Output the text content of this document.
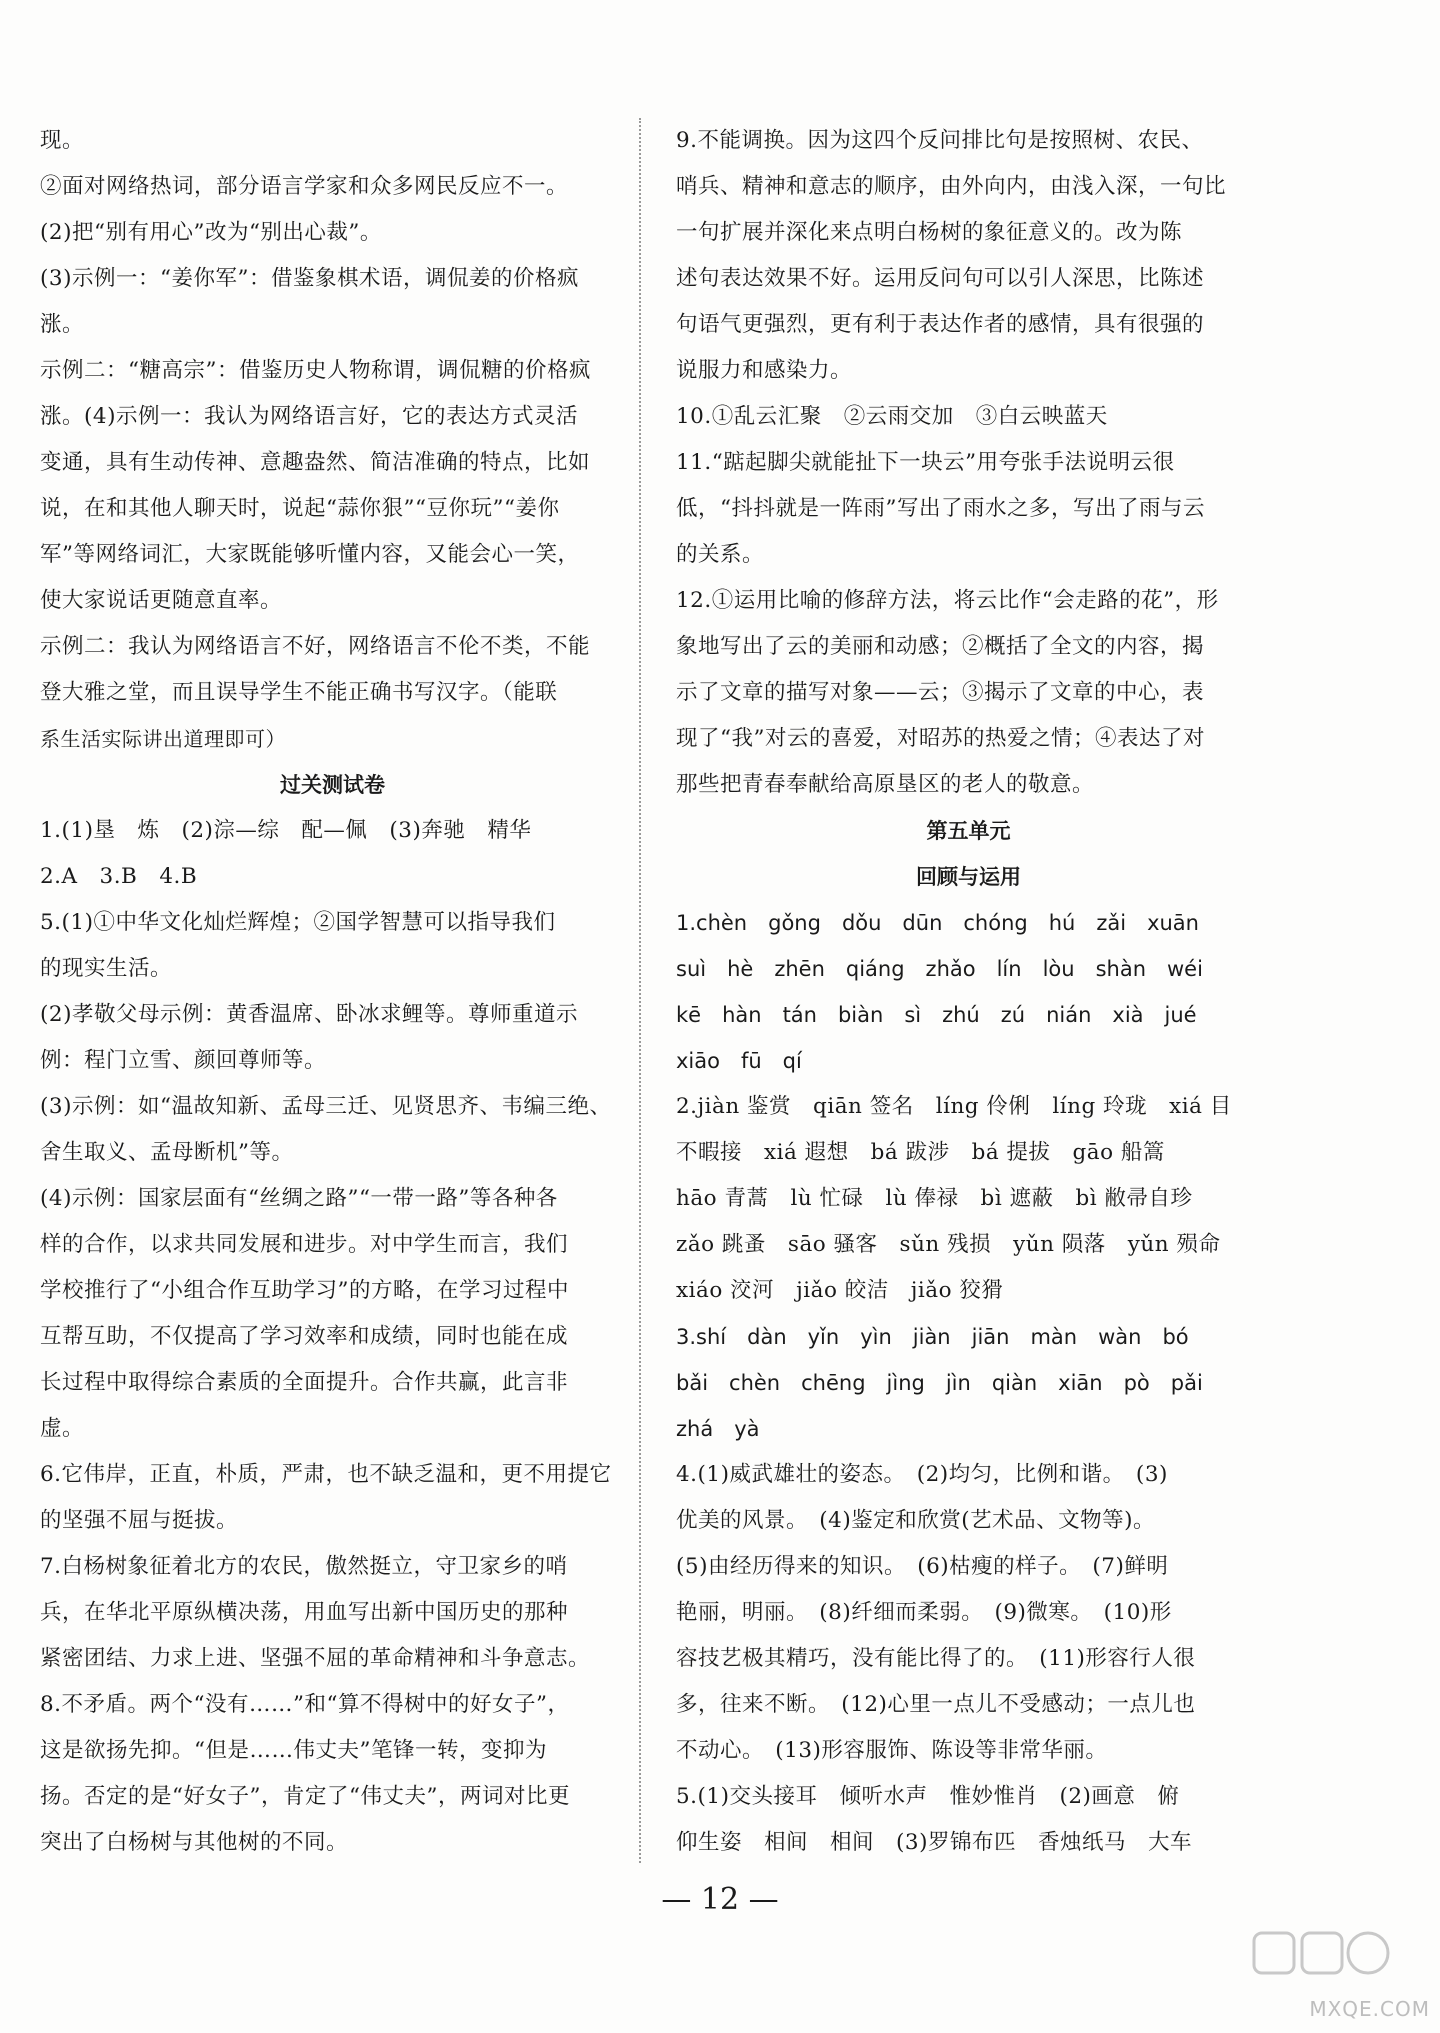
现。
②面对网络热词，部分语言学家和众多网民反应不一。
(2)把“别有用心”改为“别出心裁”。
(3)示例一：“姜你军”：借鉴象棋术语，调侃姜的价格疯
涨。
示例二：“糖高宗”：借鉴历史人物称谓，调侃糖的价格疯
涨。(4)示例一：我认为网络语言好，它的表达方式灵活
变通，具有生动传神、意趣盎然、简洁准确的特点，比如
说，在和其他人聊天时，说起“蒜你狠”“豆你玩”“姜你
军”等网络词汇，大家既能够听懂内容，又能会心一笑，
使大家说话更随意直率。
示例二：我认为网络语言不好，网络语言不伦不类，不能
登大雅之堂，而且误导学生不能正确书写汉字。（能联
系生活实际讲出道理即可）
过关测试卷
1.(1)垦　炼　(2)淙—综　配—佩　(3)奔驰　精华
2.A　3.B　4.B
5.(1)①中华文化灿烂辉煌；②国学智慧可以指导我们
的现实生活。
(2)孝敬父母示例：黄香温席、卧冰求鲤等。尊师重道示
例：程门立雪、颜回尊师等。
(3)示例：如“温故知新、孟母三迁、见贤思齐、韦编三绝、
舍生取义、孟母断机”等。
(4)示例：国家层面有“丝绸之路”“一带一路”等各种各
样的合作，以求共同发展和进步。对中学生而言，我们
学校推行了“小组合作互助学习”的方略，在学习过程中
互帮互助，不仅提高了学习效率和成绩，同时也能在成
长过程中取得综合素质的全面提升。合作共赢，此言非
虚。
6.它伟岸，正直，朴质，严肃，也不缺乏温和，更不用提它
的坚强不屈与挺拔。
7.白杨树象征着北方的农民，傲然挺立，守卫家乡的哨
兵，在华北平原纵横决荡，用血写出新中国历史的那种
紧密团结、力求上进、坚强不屈的革命精神和斗争意志。
8.不矛盾。两个“没有……”和“算不得树中的好女子”，
这是欲扬先抑。“但是……伟丈夫”笔锋一转，变抑为
扬。否定的是“好女子”，肯定了“伟丈夫”，两词对比更
突出了白杨树与其他树的不同。
9.不能调换。因为这四个反问排比句是按照树、农民、
哨兵、精神和意志的顺序，由外向内，由浅入深，一句比
一句扩展并深化来点明白杨树的象征意义的。改为陈
述句表达效果不好。运用反问句可以引人深思，比陈述
句语气更强烈，更有利于表达作者的感情，具有很强的
说服力和感染力。
10.①乱云汇聚　②云雨交加　③白云映蓝天
11.“踮起脚尖就能扯下一块云”用夸张手法说明云很
低，“抖抖就是一阵雨”写出了雨水之多，写出了雨与云
的关系。
12.①运用比喻的修辞方法，将云比作“会走路的花”，形
象地写出了云的美丽和动感；②概括了全文的内容，揭
示了文章的描写对象——云；③揭示了文章的中心，表
现了“我”对云的喜爱，对昭苏的热爱之情；④表达了对
那些把青春奉献给高原垦区的老人的敬意。
第五单元
回顾与运用
1.chèn　gǒng　dǒu　dūn　chóng　hú　zǎi　xuān
suì　hè　zhēn　qiáng　zhǎo　lín　lòu　shàn　wéi
kē　hàn　tán　biàn　sì　zhú　zú　nián　xià　jué
xiāo　fū　qí
2.jiàn 鉴赏　qiān 签名　líng 伶俐　líng 玲珑　xiá 目
不暇接　xiá 遐想　bá 跋涉　bá 提拔　gāo 船篙
hāo 青蒿　lù 忙碌　lù 俸禄　bì 遮蔽　bì 敝帚自珍
zǎo 跳蚤　sāo 骚客　sǔn 残损　yǔn 陨落　yǔn 殒命
xiáo 洨河　jiǎo 皎洁　jiǎo 狡猾
3.shí　dàn　yǐn　yìn　jiàn　jiān　màn　wàn　bó
bǎi　chèn　chēng　jìng　jìn　qiàn　xiān　pò　pǎi
zhá　yà
4.(1)威武雄壮的姿态。　(2)均匀，比例和谐。　(3)
优美的风景。　(4)鉴定和欣赏(艺术品、文物等)。
(5)由经历得来的知识。　(6)枯瘦的样子。　(7)鲜明
艳丽，明丽。　(8)纤细而柔弱。　(9)微寒。　(10)形
容技艺极其精巧，没有能比得了的。　(11)形容行人很
多，往来不断。　(12)心里一点儿不受感动；一点儿也
不动心。　(13)形容服饰、陈设等非常华丽。
5.(1)交头接耳　倾听水声　惟妙惟肖　(2)画意　俯
仰生姿　相间　相间　(3)罗锦布匹　香烛纸马　大车
— 12 —
MXQE.COM
